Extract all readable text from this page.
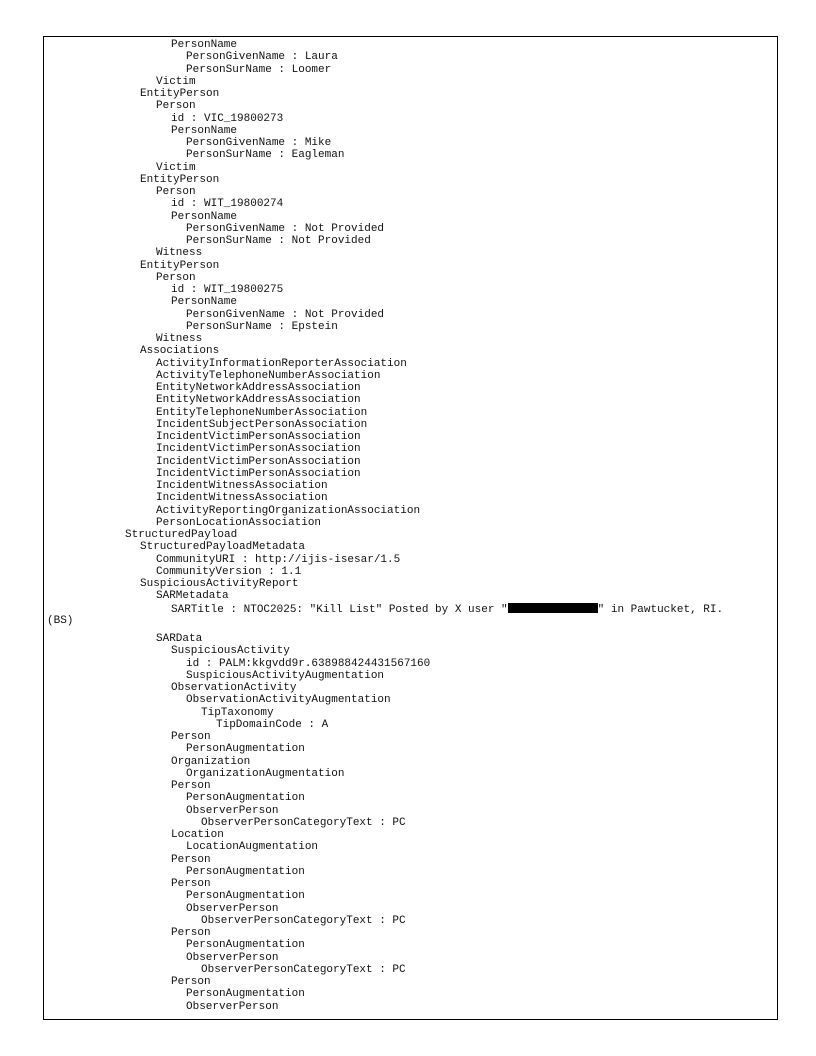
PersonName
PersonGivenName : Laura
PersonSurName : Loomer
Victim
EntityPerson
Person
id : VIC_19800273
PersonName
PersonGivenName : Mike
PersonSurName : Eagleman
Victim
EntityPerson
Person
id : WIT_19800274
PersonName
PersonGivenName : Not Provided
PersonSurName : Not Provided
Witness
EntityPerson
Person
id : WIT_19800275
PersonName
PersonGivenName : Not Provided
PersonSurName : Epstein
Witness
Associations
ActivityInformationReporterAssociation
ActivityTelephoneNumberAssociation
EntityNetworkAddressAssociation
EntityNetworkAddressAssociation
EntityTelephoneNumberAssociation
IncidentSubjectPersonAssociation
IncidentVictimPersonAssociation
IncidentVictimPersonAssociation
IncidentVictimPersonAssociation
IncidentVictimPersonAssociation
IncidentWitnessAssociation
IncidentWitnessAssociation
ActivityReportingOrganizationAssociation
PersonLocationAssociation
StructuredPayload
StructuredPayloadMetadata
CommunityURI : http://ijis-isesar/1.5
CommunityVersion : 1.1
SuspiciousActivityReport
SARMetadata
SARTitle : NTOC2025: "Kill List" Posted by X user "	" in Pawtucket, RI.
(BS)
SARData
SuspiciousActivity
id : PALM:kkgvdd9r.638988424431567160
SuspiciousActivityAugmentation
ObservationActivity
ObservationActivityAugmentation
TipTaxonomy
TipDomainCode : A
Person
PersonAugmentation
Organization
OrganizationAugmentation
Person
PersonAugmentation
ObserverPerson
ObserverPersonCategoryText : PC
Location
LocationAugmentation
Person
PersonAugmentation
Person
PersonAugmentation
ObserverPerson
ObserverPersonCategoryText : PC
Person
PersonAugmentation
ObserverPerson
ObserverPersonCategoryText : PC
Person
PersonAugmentation
ObserverPerson
